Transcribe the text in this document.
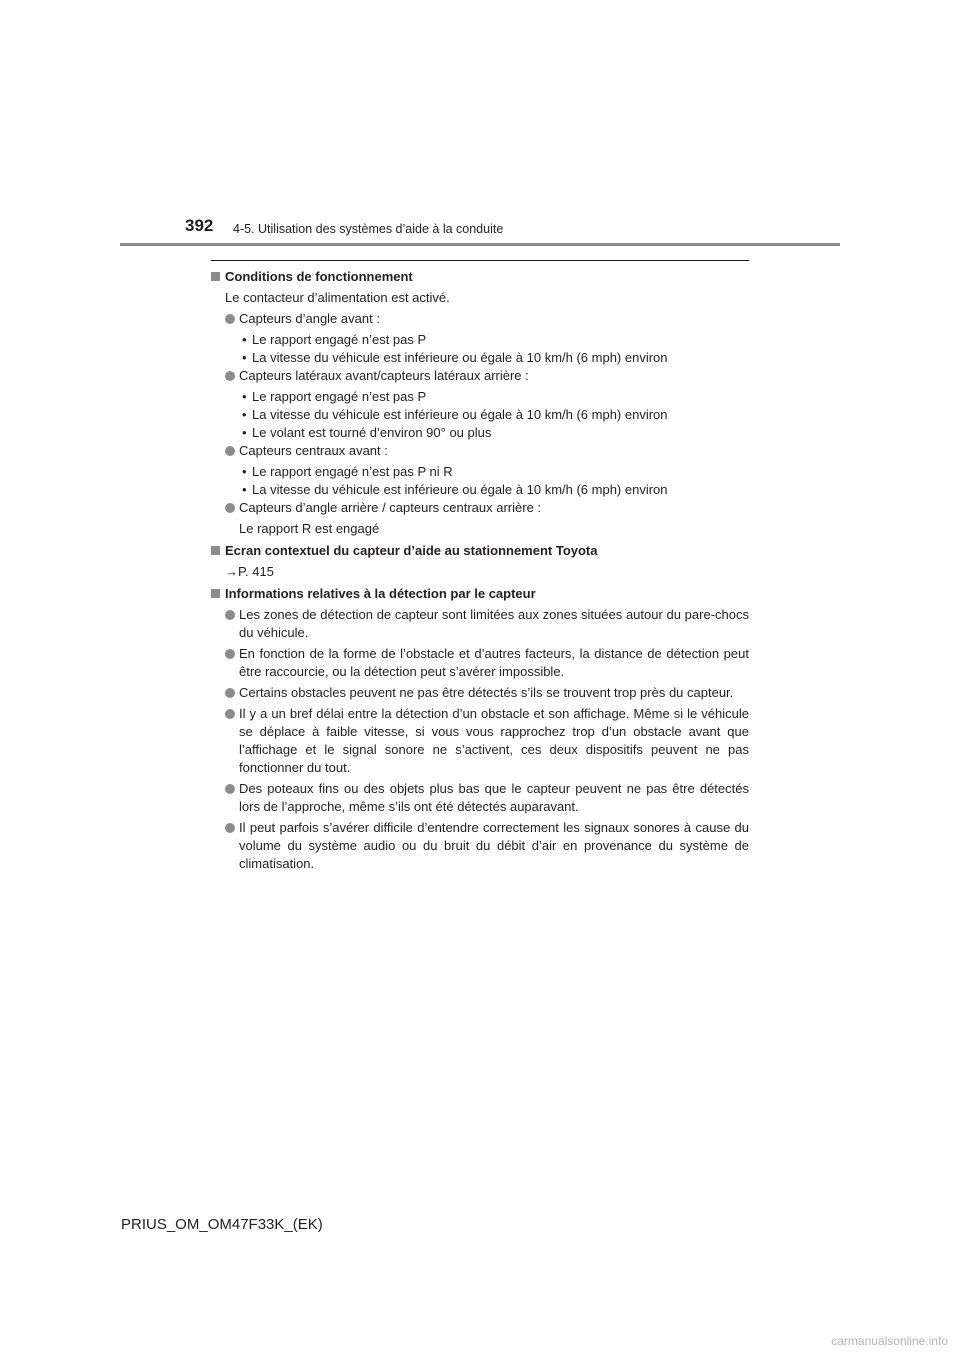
392 4-5. Utilisation des systèmes d’aide à la conduite
Conditions de fonctionnement
Le contacteur d’alimentation est activé.
Capteurs d’angle avant :
• Le rapport engagé n’est pas P
• La vitesse du véhicule est inférieure ou égale à 10 km/h (6 mph) environ
Capteurs latéraux avant/capteurs latéraux arrière :
• Le rapport engagé n’est pas P
• La vitesse du véhicule est inférieure ou égale à 10 km/h (6 mph) environ
• Le volant est tourné d’environ 90° ou plus
Capteurs centraux avant :
• Le rapport engagé n’est pas P ni R
• La vitesse du véhicule est inférieure ou égale à 10 km/h (6 mph) environ
Capteurs d’angle arrière / capteurs centraux arrière :
Le rapport R est engagé
Ecran contextuel du capteur d’aide au stationnement Toyota
→P. 415
Informations relatives à la détection par le capteur
Les zones de détection de capteur sont limitées aux zones situées autour du pare-chocs du véhicule.
En fonction de la forme de l’obstacle et d’autres facteurs, la distance de détection peut être raccourcie, ou la détection peut s’avérer impossible.
Certains obstacles peuvent ne pas être détectés s’ils se trouvent trop près du capteur.
Il y a un bref délai entre la détection d’un obstacle et son affichage. Même si le véhicule se déplace à faible vitesse, si vous vous rapprochez trop d’un obstacle avant que l’affichage et le signal sonore ne s’activent, ces deux dispositifs peuvent ne pas fonctionner du tout.
Des poteaux fins ou des objets plus bas que le capteur peuvent ne pas être détectés lors de l’approche, même s’ils ont été détectés auparavant.
Il peut parfois s’avérer difficile d’entendre correctement les signaux sonores à cause du volume du système audio ou du bruit du débit d’air en provenance du système de climatisation.
PRIUS_OM_OM47F33K_(EK)
carmanualsonline.info
